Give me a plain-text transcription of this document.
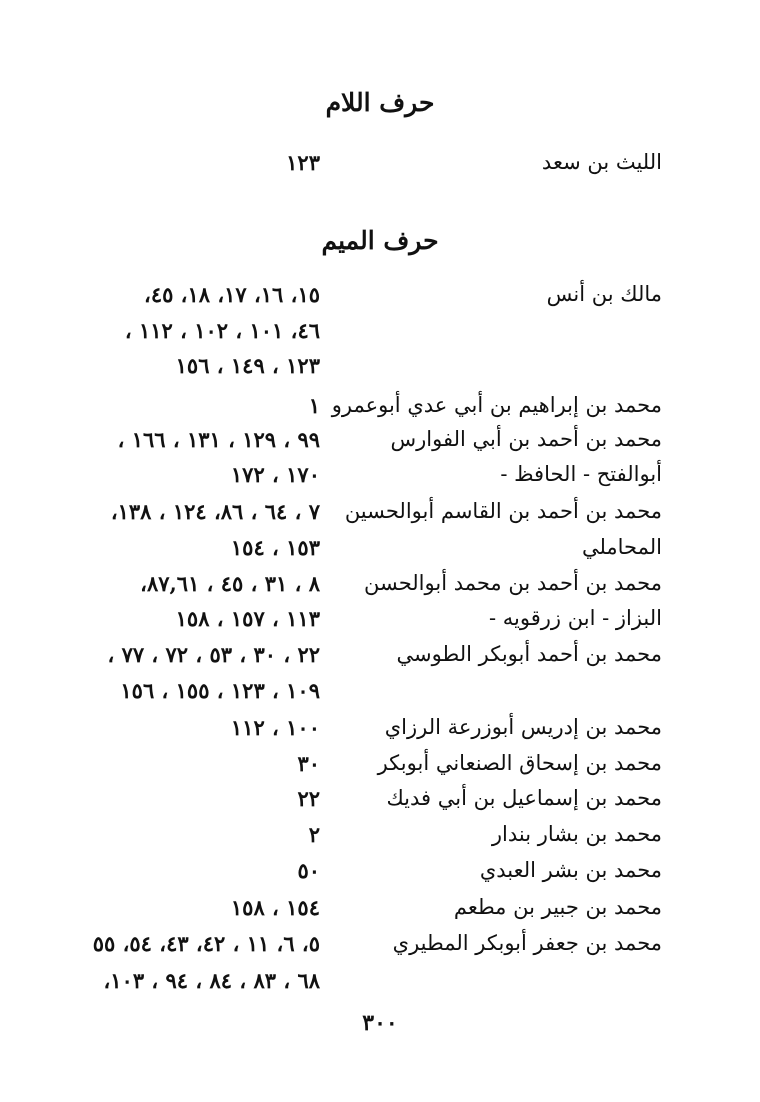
حرف اللام
الليث بن سعد
١٢٣
حرف الميم
مالك بن أنس
١٥، ١٦، ١٧، ١٨، ٤٥،
٤٦، ١٠١ ، ١٠٢ ، ١١٢ ،
١٢٣ ، ١٤٩ ، ١٥٦
محمد بن إبراهيم بن أبي عدي أبوعمرو
١
محمد بن أحمد بن أبي الفوارس
٩٩ ، ١٢٩ ، ١٣١ ، ١٦٦ ،
أبوالفتح - الحافظ -
١٧٠ ، ١٧٢
محمد بن أحمد بن القاسم أبوالحسين
٧ ، ٦٤ ، ٨٦، ١٢٤ ، ١٣٨،
المحاملي
١٥٣ ، ١٥٤
محمد بن أحمد بن محمد أبوالحسن
٨ ، ٣١ ، ٤٥ ، ٨٧,٦١،
البزاز - ابن زرقويه -
١١٣ ، ١٥٧ ، ١٥٨
محمد بن أحمد أبوبكر الطوسي
٢٢ ، ٣٠ ، ٥٣ ، ٧٢ ، ٧٧ ،
١٠٩ ، ١٢٣ ، ١٥٥ ، ١٥٦
محمد بن إدريس أبوزرعة الرزاي
١٠٠ ، ١١٢
محمد بن إسحاق الصنعاني أبوبكر
٣٠
محمد بن إسماعيل بن أبي فديك
٢٢
محمد بن بشار بندار
٢
محمد بن بشر العبدي
٥٠
محمد بن جبير بن مطعم
١٥٤ ، ١٥٨
محمد بن جعفر أبوبكر المطيري
٥، ٦، ١١ ، ٤٢، ٤٣، ٥٤، ٥٥
٦٨ ، ٨٣ ، ٨٤ ، ٩٤ ، ١٠٣،
٣٠٠
